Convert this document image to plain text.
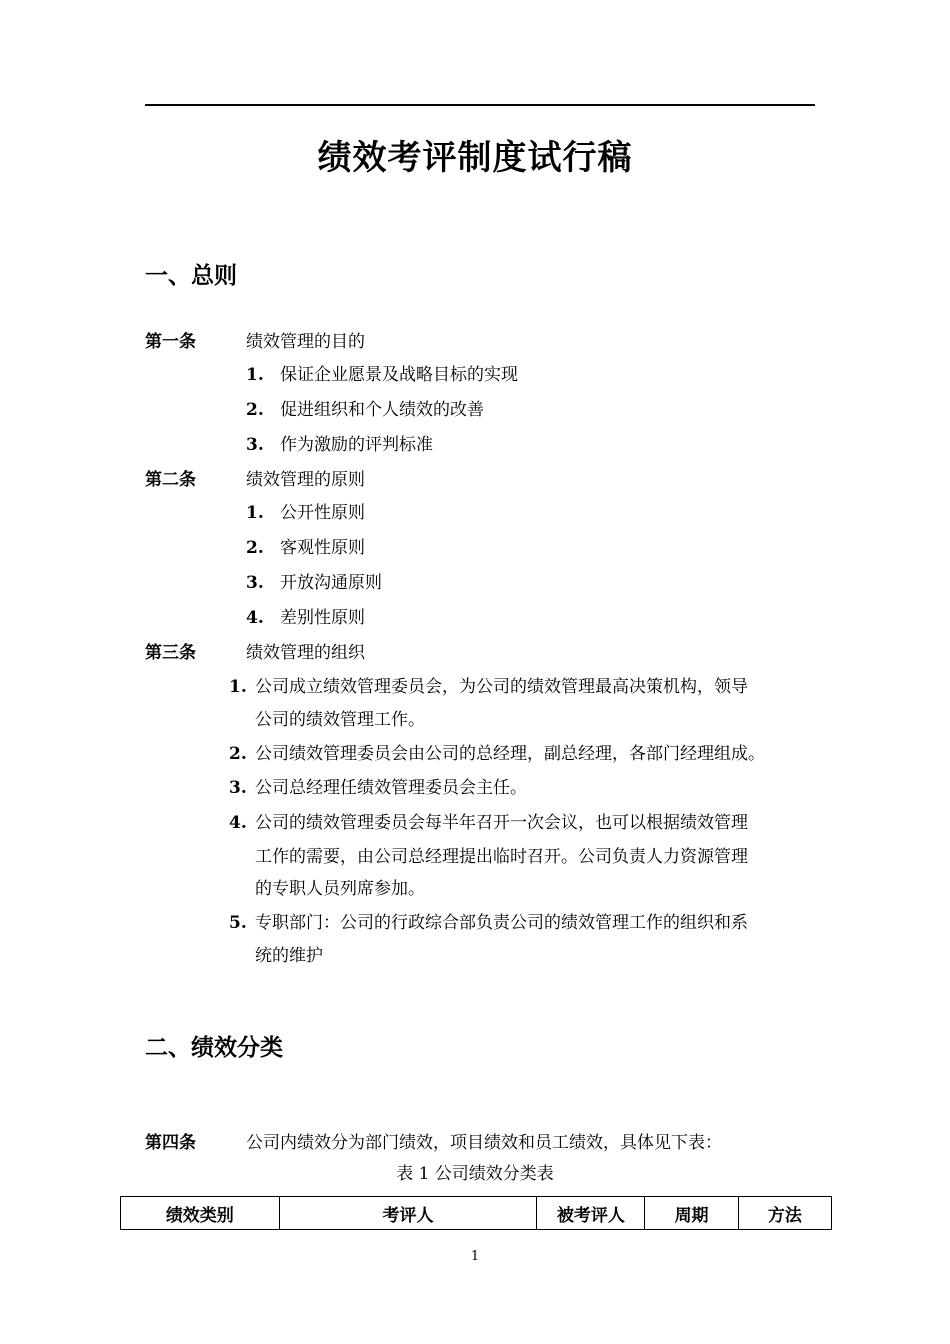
绩效考评制度试行稿
一、总则
第一条	绩效管理的目的
1. 保证企业愿景及战略目标的实现
2. 促进组织和个人绩效的改善
3. 作为激励的评判标准
第二条	绩效管理的原则
1. 公开性原则
2. 客观性原则
3. 开放沟通原则
4. 差别性原则
第三条	绩效管理的组织
1. 公司成立绩效管理委员会，为公司的绩效管理最高决策机构，领导
公司的绩效管理工作。
2. 公司绩效管理委员会由公司的总经理，副总经理，各部门经理组成。
3. 公司总经理任绩效管理委员会主任。
4. 公司的绩效管理委员会每半年召开一次会议，也可以根据绩效管理
工作的需要，由公司总经理提出临时召开。公司负责人力资源管理
的专职人员列席参加。
5. 专职部门：公司的行政综合部负责公司的绩效管理工作的组织和系
统的维护
二、绩效分类
第四条	公司内绩效分为部门绩效，项目绩效和员工绩效，具体见下表：
表 1 公司绩效分类表
绩效类别	考评人	被考评人	周期	方法
1
